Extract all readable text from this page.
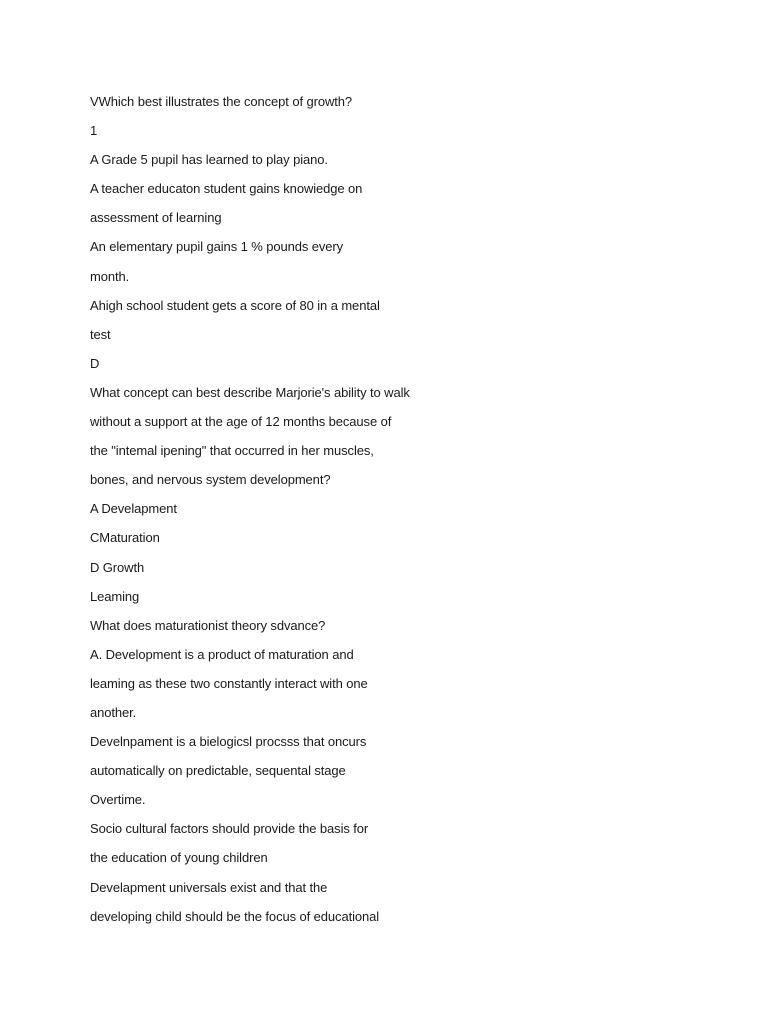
VWhich best illustrates the concept of growth?
1
A Grade 5 pupil has learned to play piano.
A teacher educaton student gains knowiedge on
assessment of learning
An elementary pupil gains 1 % pounds every
month.
Ahigh school student gets a score of 80 in a mental
test
D
What concept can best describe Marjorie's ability to walk
without a support at the age of 12 months because of
the "intemal ipening" that occurred in her muscles,
bones, and nervous system development?
A Develapment
CMaturation
D Growth
Leaming
What does maturationist theory sdvance?
A. Development is a product of maturation and
leaming as these two constantly interact with one
another.
Develnpament is a bielogicsl procsss that oncurs
automatically on predictable, sequental stage
Overtime.
Socio cultural factors should provide the basis for
the education of young children
Develapment universals exist and that the
developing child should be the focus of educational
